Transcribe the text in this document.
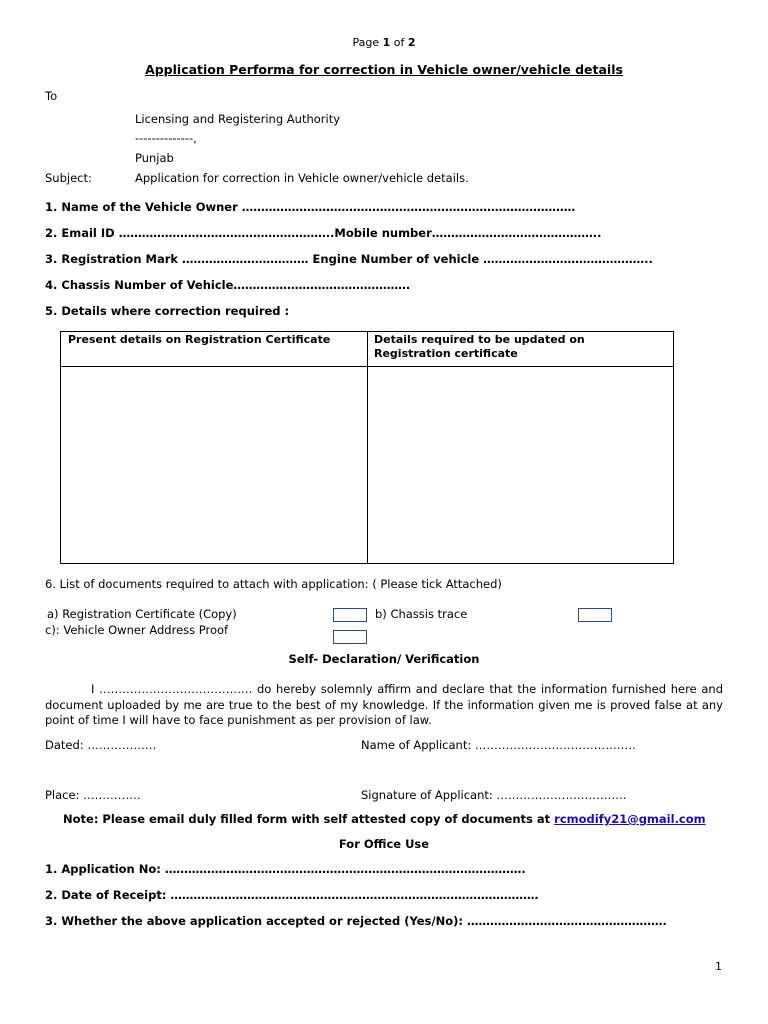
Page 1 of 2
Application Performa for correction in Vehicle owner/vehicle details
To
Licensing and Registering Authority
--------------,
Punjab
Subject:	Application for correction in Vehicle owner/vehicle details.
1. Name of the Vehicle Owner ……………………………………………………………………………
2. Email ID ………………………………………………..Mobile number……………………………………..
3. Registration Mark …………………………… Engine Number of vehicle ……………………………………..
4. Chassis Number of Vehicle……………………………………….
5. Details where correction required :
Present details on Registration Certificate	Details required to be updated on Registration certificate
6. List of documents required to attach with application: ( Please tick Attached)
a) Registration Certificate (Copy)	b) Chassis trace
c): Vehicle Owner Address Proof
Self- Declaration/ Verification
I …………………………………. do hereby solemnly affirm and declare that the information furnished here and document uploaded by me are true to the best of my knowledge. If the information given me is proved false at any point of time I will have to face punishment as per provision of law.
Dated: ………………	Name of Applicant: ……………………………………
Place: ……………	Signature of Applicant: …………………………….
Note: Please email duly filled form with self attested copy of documents at rcmodify21@gmail.com
For Office Use
1. Application No: ………………………………………………………………………………….
2. Date of Receipt: ……………………………………………………………………………………
3. Whether the above application accepted or rejected (Yes/No): …………………………………………….
1
